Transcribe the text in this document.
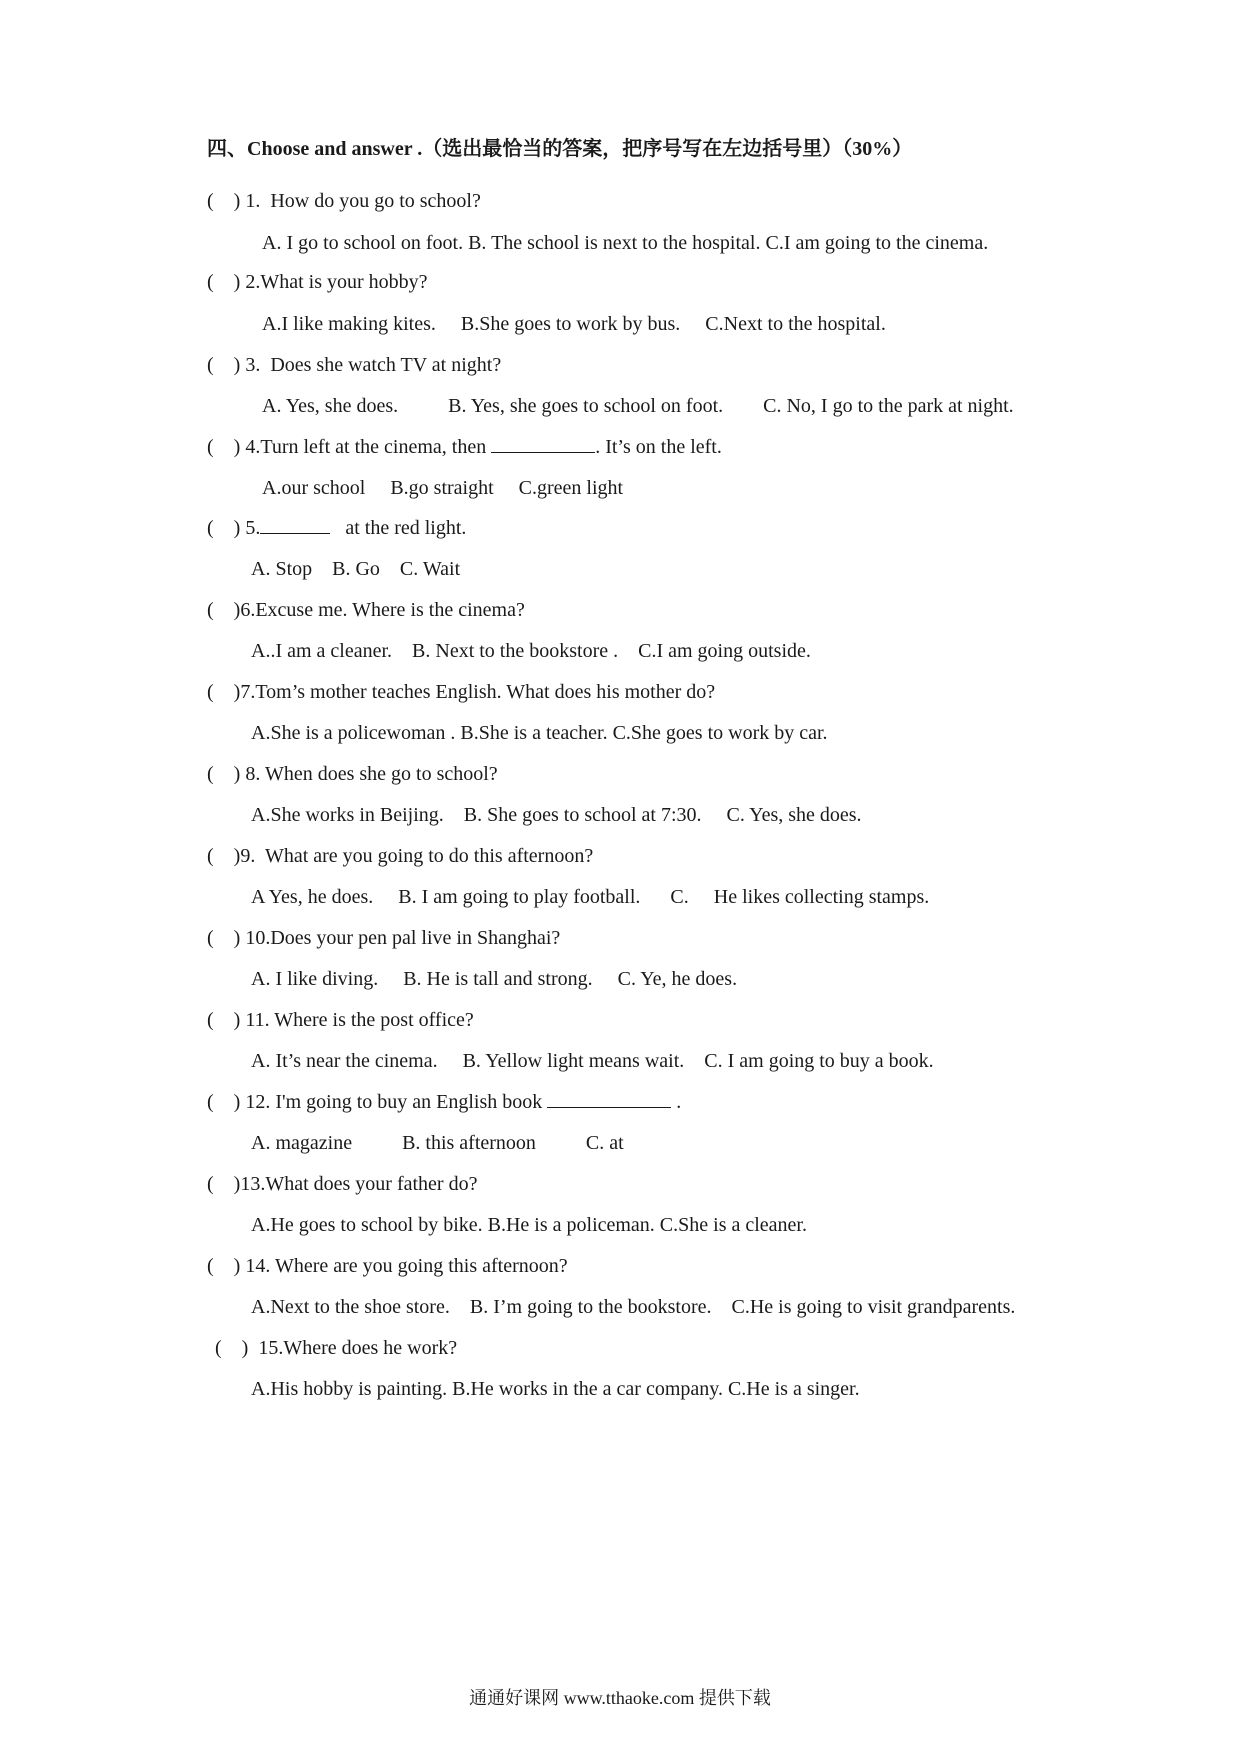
四、Choose and answer .（选出最恰当的答案，把序号写在左边括号里）（30%）
(    ) 1.  How do you go to school?
A. I go to school on foot. B. The school is next to the hospital. C.I am going to the cinema.
(    ) 2.What is your hobby?
A.I like making kites.     B.She goes to work by bus.     C.Next to the hospital.
(    ) 3.  Does she watch TV at night?
A. Yes, she does.          B. Yes, she goes to school on foot.        C. No, I go to the park at night.
(    ) 4.Turn left at the cinema, then	. It’s on the left.
A.our school     B.go straight     C.green light
(    ) 5.	at the red light.
A. Stop    B. Go    C. Wait
(    )6.Excuse me. Where is the cinema?
A..I am a cleaner.    B. Next to the bookstore .    C.I am going outside.
(    )7.Tom’s mother teaches English. What does his mother do?
A.She is a policewoman . B.She is a teacher. C.She goes to work by car.
(    ) 8. When does she go to school?
A.She works in Beijing.    B. She goes to school at 7:30.     C. Yes, she does.
(    )9.  What are you going to do this afternoon?
A Yes, he does.     B. I am going to play football.      C.     He likes collecting stamps.
(    ) 10.Does your pen pal live in Shanghai?
A. I like diving.     B. He is tall and strong.     C. Ye, he does.
(    ) 11. Where is the post office?
A. It’s near the cinema.     B. Yellow light means wait.    C. I am going to buy a book.
(    ) 12. I'm going to buy an English book	.
A. magazine          B. this afternoon          C. at
(    )13.What does your father do?
A.He goes to school by bike. B.He is a policeman. C.She is a cleaner.
(    ) 14. Where are you going this afternoon?
A.Next to the shoe store.    B. I’m going to the bookstore.    C.He is going to visit grandparents.
(    )  15.Where does he work?
A.His hobby is painting. B.He works in the a car company. C.He is a singer.
通通好课网 www.tthaoke.com 提供下载
